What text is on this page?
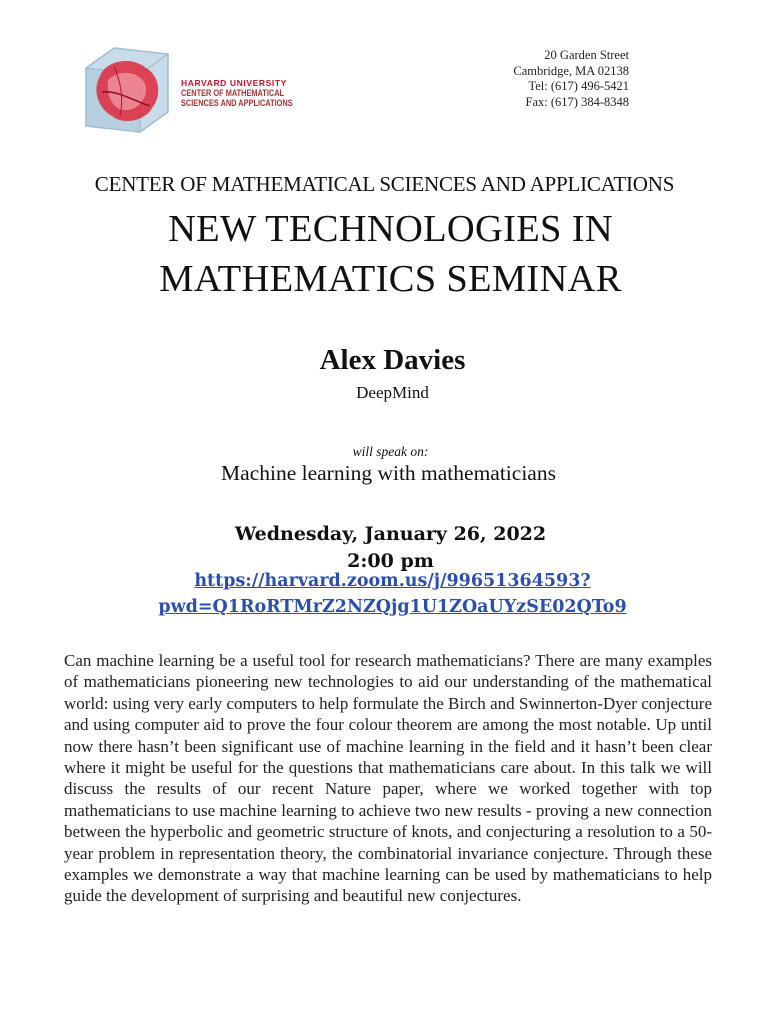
HARVARD UNIVERSITY
CENTER OF MATHEMATICAL
SCIENCES AND APPLICATIONS
20 Garden Street
Cambridge, MA 02138
Tel: (617) 496-5421
Fax: (617) 384-8348
CENTER OF MATHEMATICAL SCIENCES AND APPLICATIONS
NEW TECHNOLOGIES IN
MATHEMATICS SEMINAR
Alex Davies
DeepMind
will speak on:
Machine learning with mathematicians
Wednesday, January 26, 2022
2:00 pm
https://harvard.zoom.us/j/99651364593?
pwd=Q1RoRTMrZ2NZQjg1U1ZOaUYzSE02QTo9
Can machine learning be a useful tool for research mathematicians? There are many examples of mathematicians pioneering new technologies to aid our understanding of the mathematical world: using very early computers to help formulate the Birch and Swinnerton-Dyer conjecture and using computer aid to prove the four colour theorem are among the most notable. Up until now there hasn’t been significant use of machine learning in the field and it hasn’t been clear where it might be useful for the questions that mathematicians care about. In this talk we will discuss the results of our recent Nature paper, where we worked together with top mathematicians to use machine learning to achieve two new results - proving a new connection between the hyperbolic and geometric structure of knots, and conjecturing a resolution to a 50-year problem in representation theory, the combinatorial invariance conjecture. Through these examples we demonstrate a way that machine learning can be used by mathematicians to help guide the development of surprising and beautiful new conjectures.
